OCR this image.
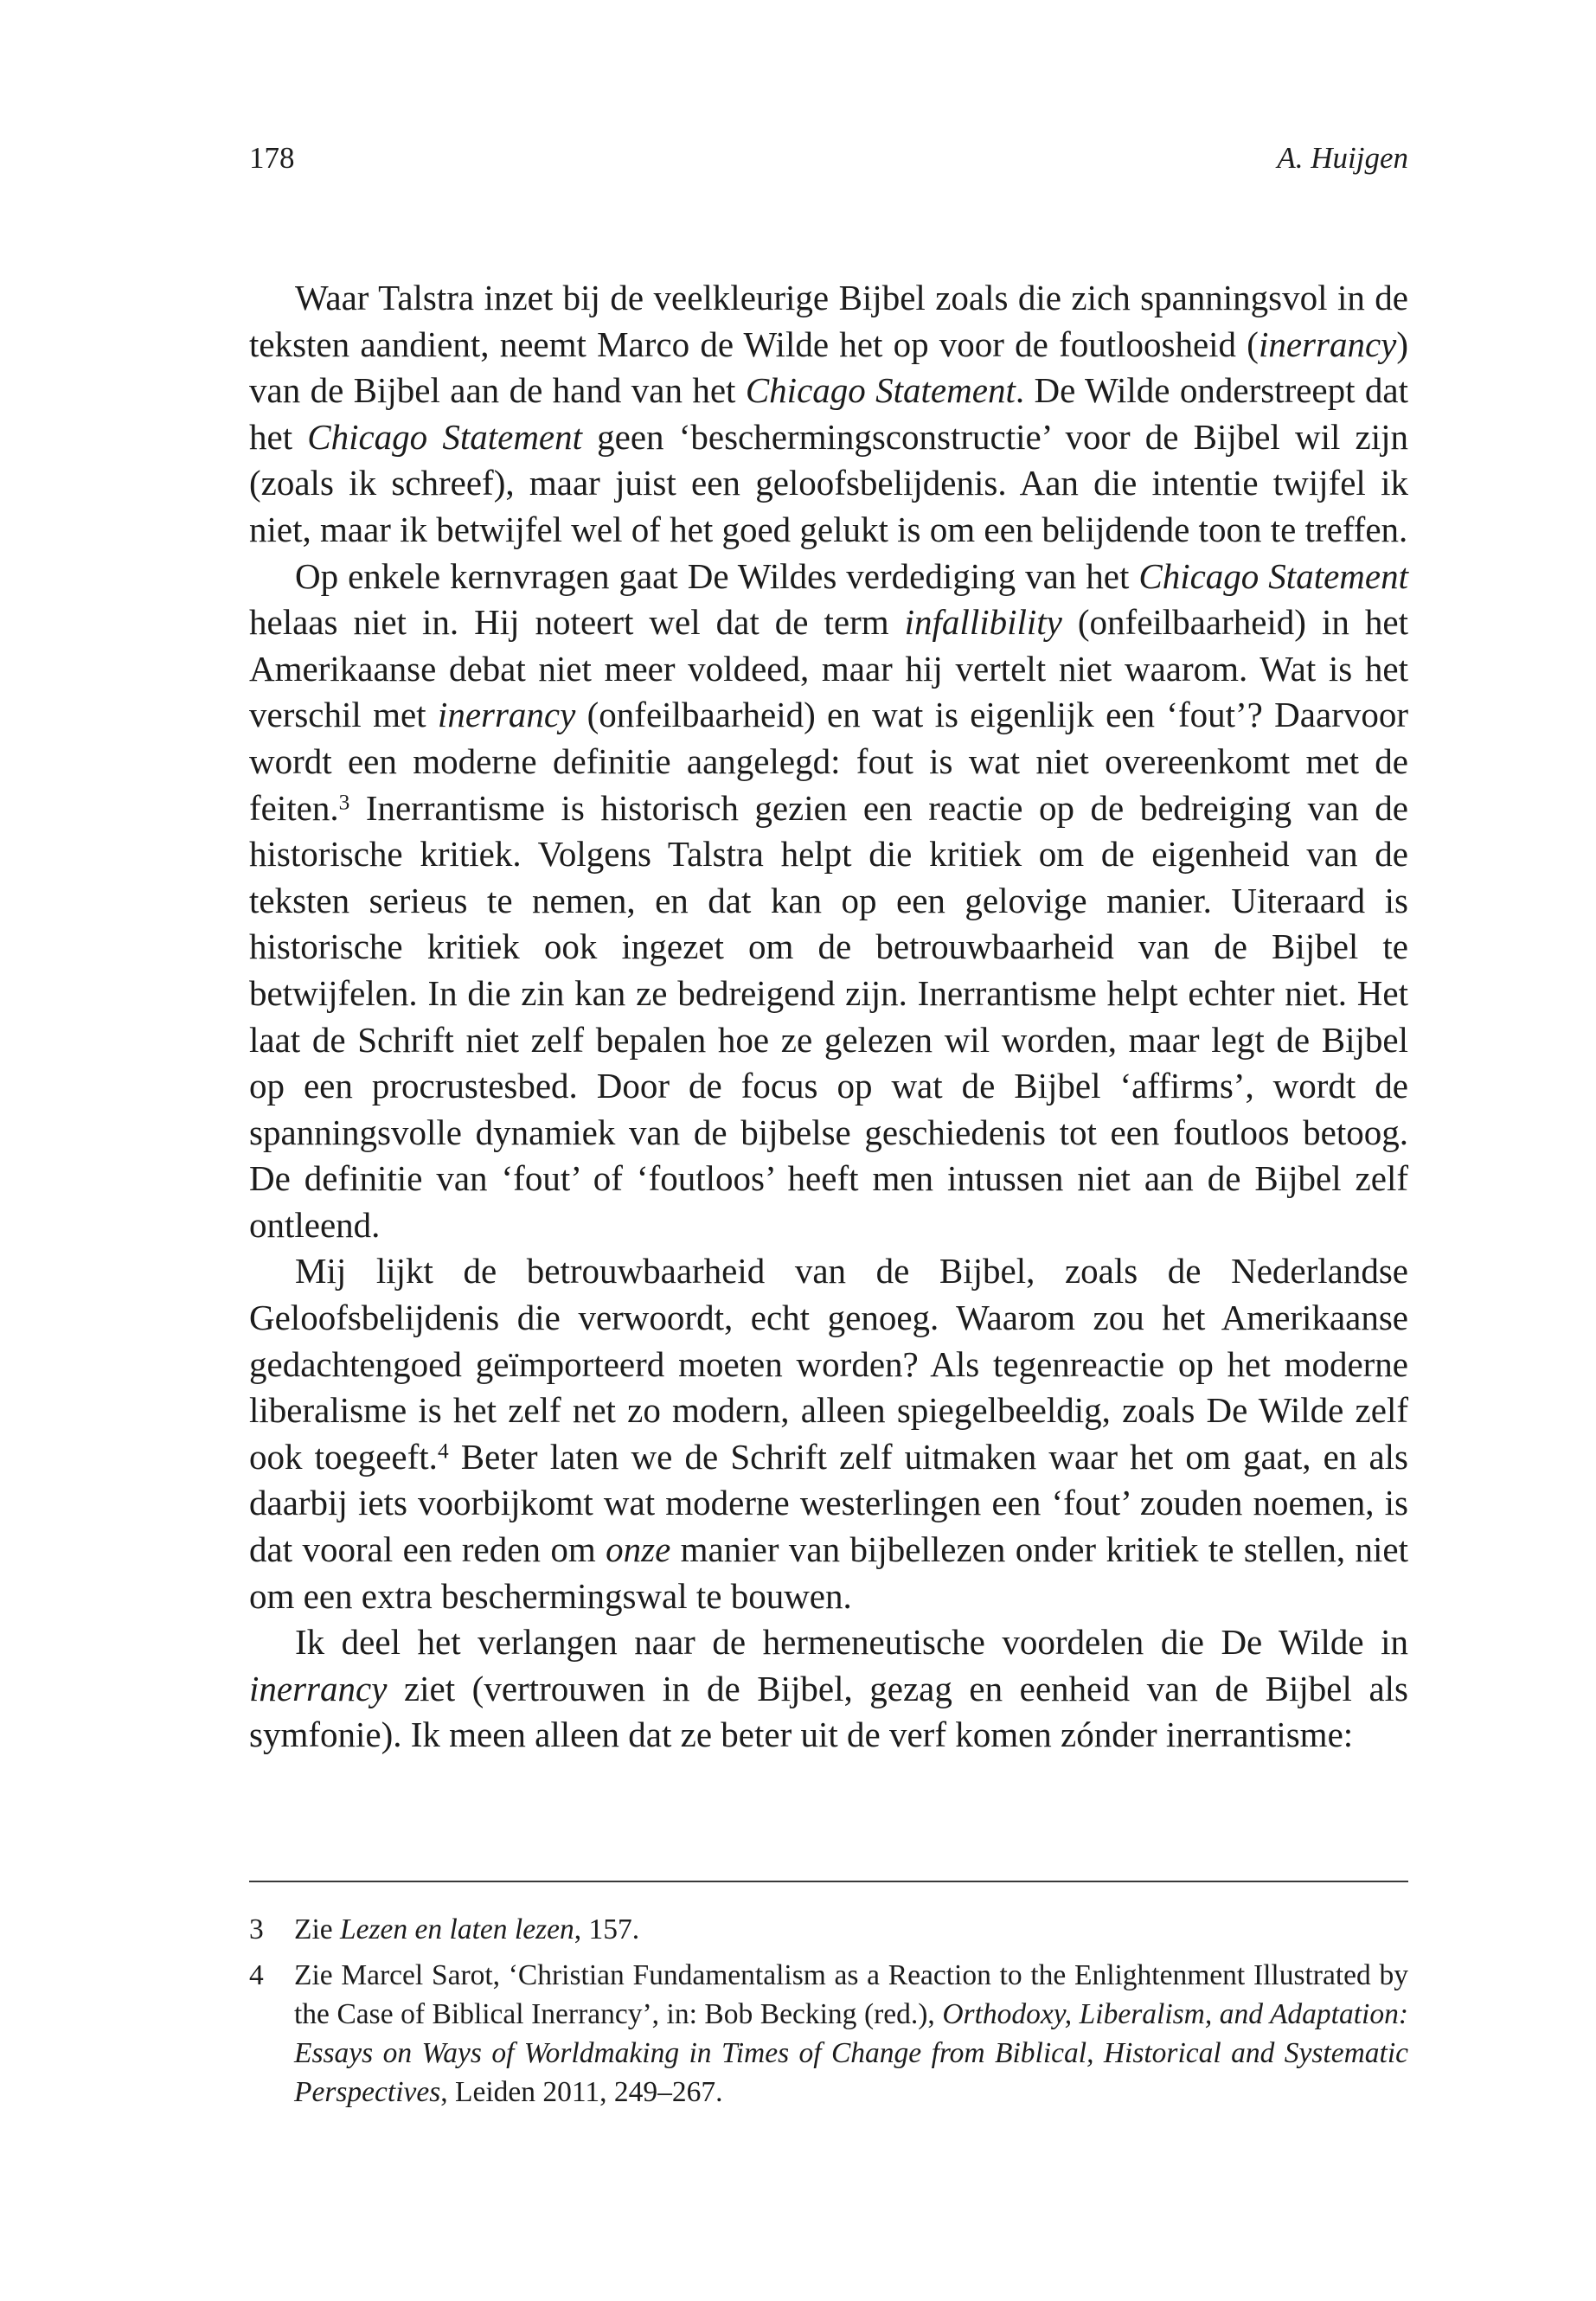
178	A. Huijgen

Waar Talstra inzet bij de veelkleurige Bijbel zoals die zich spanningsvol in de teksten aandient, neemt Marco de Wilde het op voor de foutloosheid (inerrancy) van de Bijbel aan de hand van het Chicago Statement. De Wilde onderstreept dat het Chicago Statement geen ‘beschermingsconstructie’ voor de Bijbel wil zijn (zoals ik schreef), maar juist een geloofsbelijdenis. Aan die intentie twijfel ik niet, maar ik betwijfel wel of het goed gelukt is om een belijdende toon te treffen.

Op enkele kernvragen gaat De Wildes verdediging van het Chicago Statement helaas niet in. Hij noteert wel dat de term infallibility (onfeilbaarheid) in het Amerikaanse debat niet meer voldeed, maar hij vertelt niet waarom. Wat is het verschil met inerrancy (onfeilbaarheid) en wat is eigenlijk een ‘fout’? Daarvoor wordt een moderne definitie aangelegd: fout is wat niet overeenkomt met de feiten.$^3$ Inerrantisme is historisch gezien een reactie op de bedreiging van de historische kritiek. Volgens Talstra helpt die kritiek om de eigenheid van de teksten serieus te nemen, en dat kan op een gelovige manier. Uiteraard is historische kritiek ook ingezet om de betrouwbaarheid van de Bijbel te betwijfelen. In die zin kan ze bedreigend zijn. Inerrantisme helpt echter niet. Het laat de Schrift niet zelf bepalen hoe ze gelezen wil worden, maar legt de Bijbel op een procrustesbed. Door de focus op wat de Bijbel ‘affirms’, wordt de spanningsvolle dynamiek van de bijbelse geschiedenis tot een foutloos betoog. De definitie van ‘fout’ of ‘foutloos’ heeft men intussen niet aan de Bijbel zelf ontleend.

Mij lijkt de betrouwbaarheid van de Bijbel, zoals de Nederlandse Geloofsbelijdenis die verwoordt, echt genoeg. Waarom zou het Amerikaanse gedachtengoed geïmporteerd moeten worden? Als tegenreactie op het moderne liberalisme is het zelf net zo modern, alleen spiegelbeeldig, zoals De Wilde zelf ook toegeeft.$^4$ Beter laten we de Schrift zelf uitmaken waar het om gaat, en als daarbij iets voorbijkomt wat moderne westerlingen een ‘fout’ zouden noemen, is dat vooral een reden om onze manier van bijbellezen onder kritiek te stellen, niet om een extra beschermingswal te bouwen.

Ik deel het verlangen naar de hermeneutische voordelen die De Wilde in inerrancy ziet (vertrouwen in de Bijbel, gezag en eenheid van de Bijbel als symfonie). Ik meen alleen dat ze beter uit de verf komen zónder inerrantisme:

3 Zie Lezen en laten lezen, 157.
4 Zie Marcel Sarot, ‘Christian Fundamentalism as a Reaction to the Enlightenment Illustrated by the Case of Biblical Inerrancy’, in: Bob Becking (red.), Orthodoxy, Liberalism, and Adaptation: Essays on Ways of Worldmaking in Times of Change from Biblical, Historical and Systematic Perspectives, Leiden 2011, 249–267.
